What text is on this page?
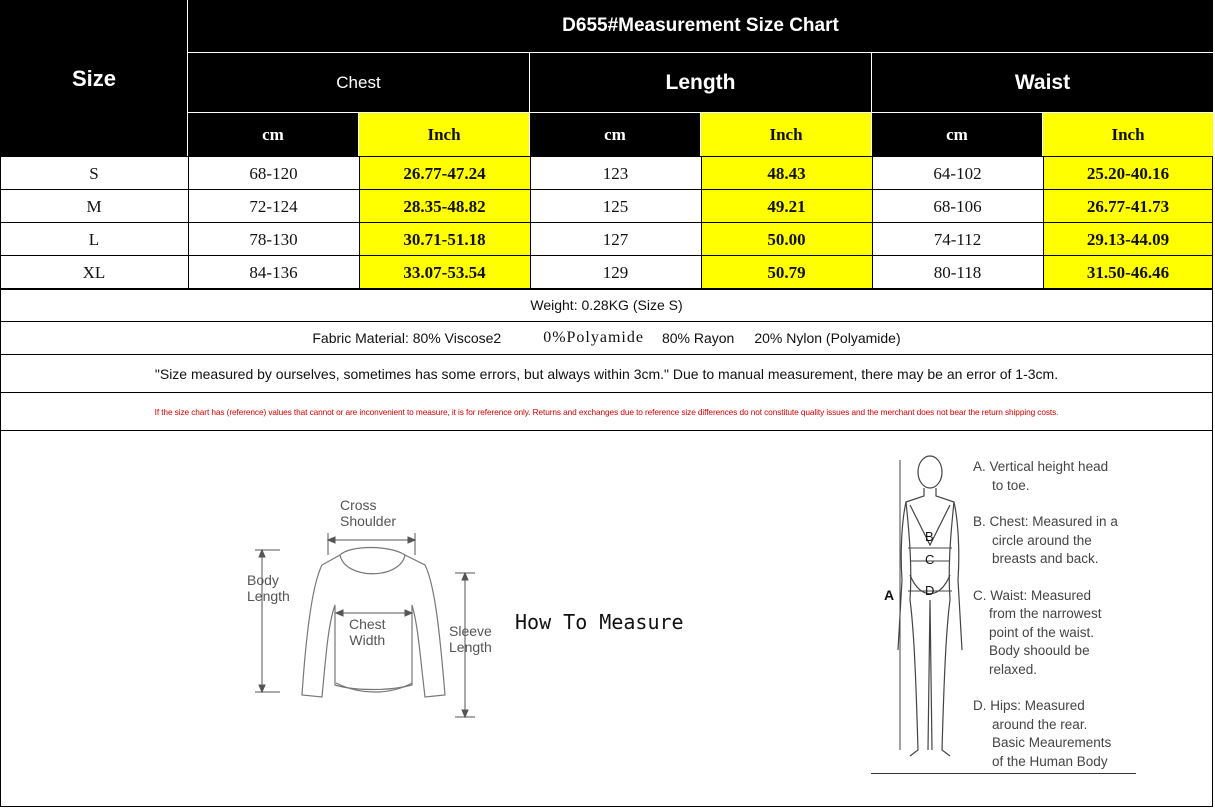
Size
D655#Measurement Size Chart
Chest	Length	Waist
cm	Inch	cm	Inch	cm	Inch
S	68-120	26.77-47.24	123	48.43	64-102	25.20-40.16
M	72-124	28.35-48.82	125	49.21	68-106	26.77-41.73
L	78-130	30.71-51.18	127	50.00	74-112	29.13-44.09
XL	84-136	33.07-53.54	129	50.79	80-118	31.50-46.46
Weight: 0.28KG (Size S)
Fabric Material: 80% Viscose2	0%Polyamide 80% Rayon 20% Nylon (Polyamide)
"Size measured by ourselves, sometimes has some errors, but always within 3cm." Due to manual measurement, there may be an error of 1-3cm.
If the size chart has (reference) values that cannot or are inconvenient to measure, it is for reference only. Returns and exchanges due to reference size differences do not constitute quality issues and the merchant does not bear the return shipping costs.
Cross
Shoulder
Body
Length
Chest
Width
Sleeve
Length
How To Measure
A
B
C
D
A. Vertical height head
to toe.
B. Chest: Measured in a
circle around the
breasts and back.
C. Waist: Measured
from the narrowest
point of the waist.
Body shoould be
relaxed.
D. Hips: Measured
around the rear.
Basic Meaurements
of the Human Body
